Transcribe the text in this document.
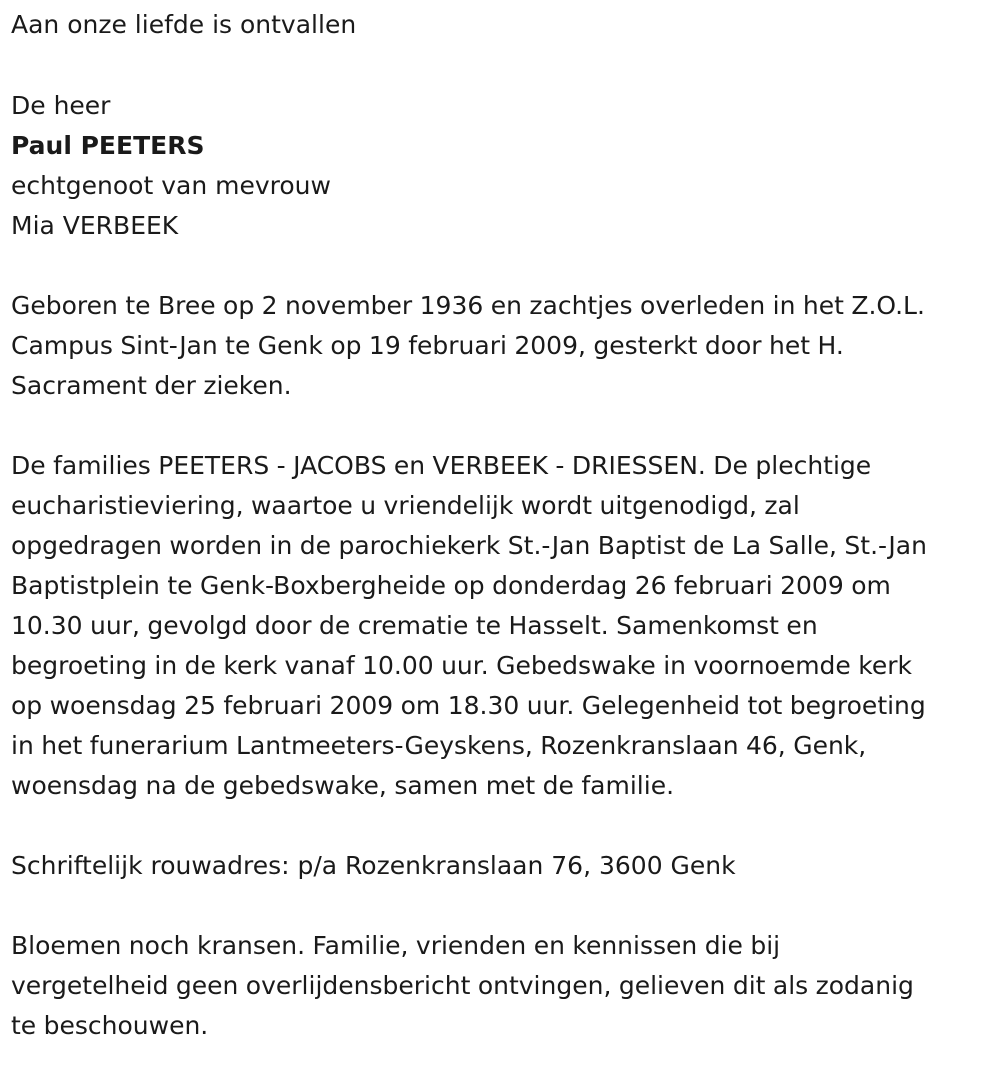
Aan onze liefde is ontvallen

De heer

Paul PEETERS

echtgenoot van mevrouw

Mia VERBEEK

Geboren te Bree op 2 november 1936 en zachtjes overleden in het Z.O.L.
Campus Sint-Jan te Genk op 19 februari 2009, gesterkt door het H.
Sacrament der zieken.

De families PEETERS - JACOBS en VERBEEK - DRIESSEN. De plechtige
eucharistieviering, waartoe u vriendelijk wordt uitgenodigd, zal
opgedragen worden in de parochiekerk St.-Jan Baptist de La Salle, St.-Jan
Baptistplein te Genk-Boxbergheide op donderdag 26 februari 2009 om
10.30 uur, gevolgd door de crematie te Hasselt. Samenkomst en
begroeting in de kerk vanaf 10.00 uur. Gebedswake in voornoemde kerk
op woensdag 25 februari 2009 om 18.30 uur. Gelegenheid tot begroeting
in het funerarium Lantmeeters-Geyskens, Rozenkranslaan 46, Genk,
woensdag na de gebedswake, samen met de familie.

Schriftelijk rouwadres: p/a Rozenkranslaan 76, 3600 Genk

Bloemen noch kransen. Familie, vrienden en kennissen die bij
vergetelheid geen overlijdensbericht ontvingen, gelieven dit als zodanig
te beschouwen.
